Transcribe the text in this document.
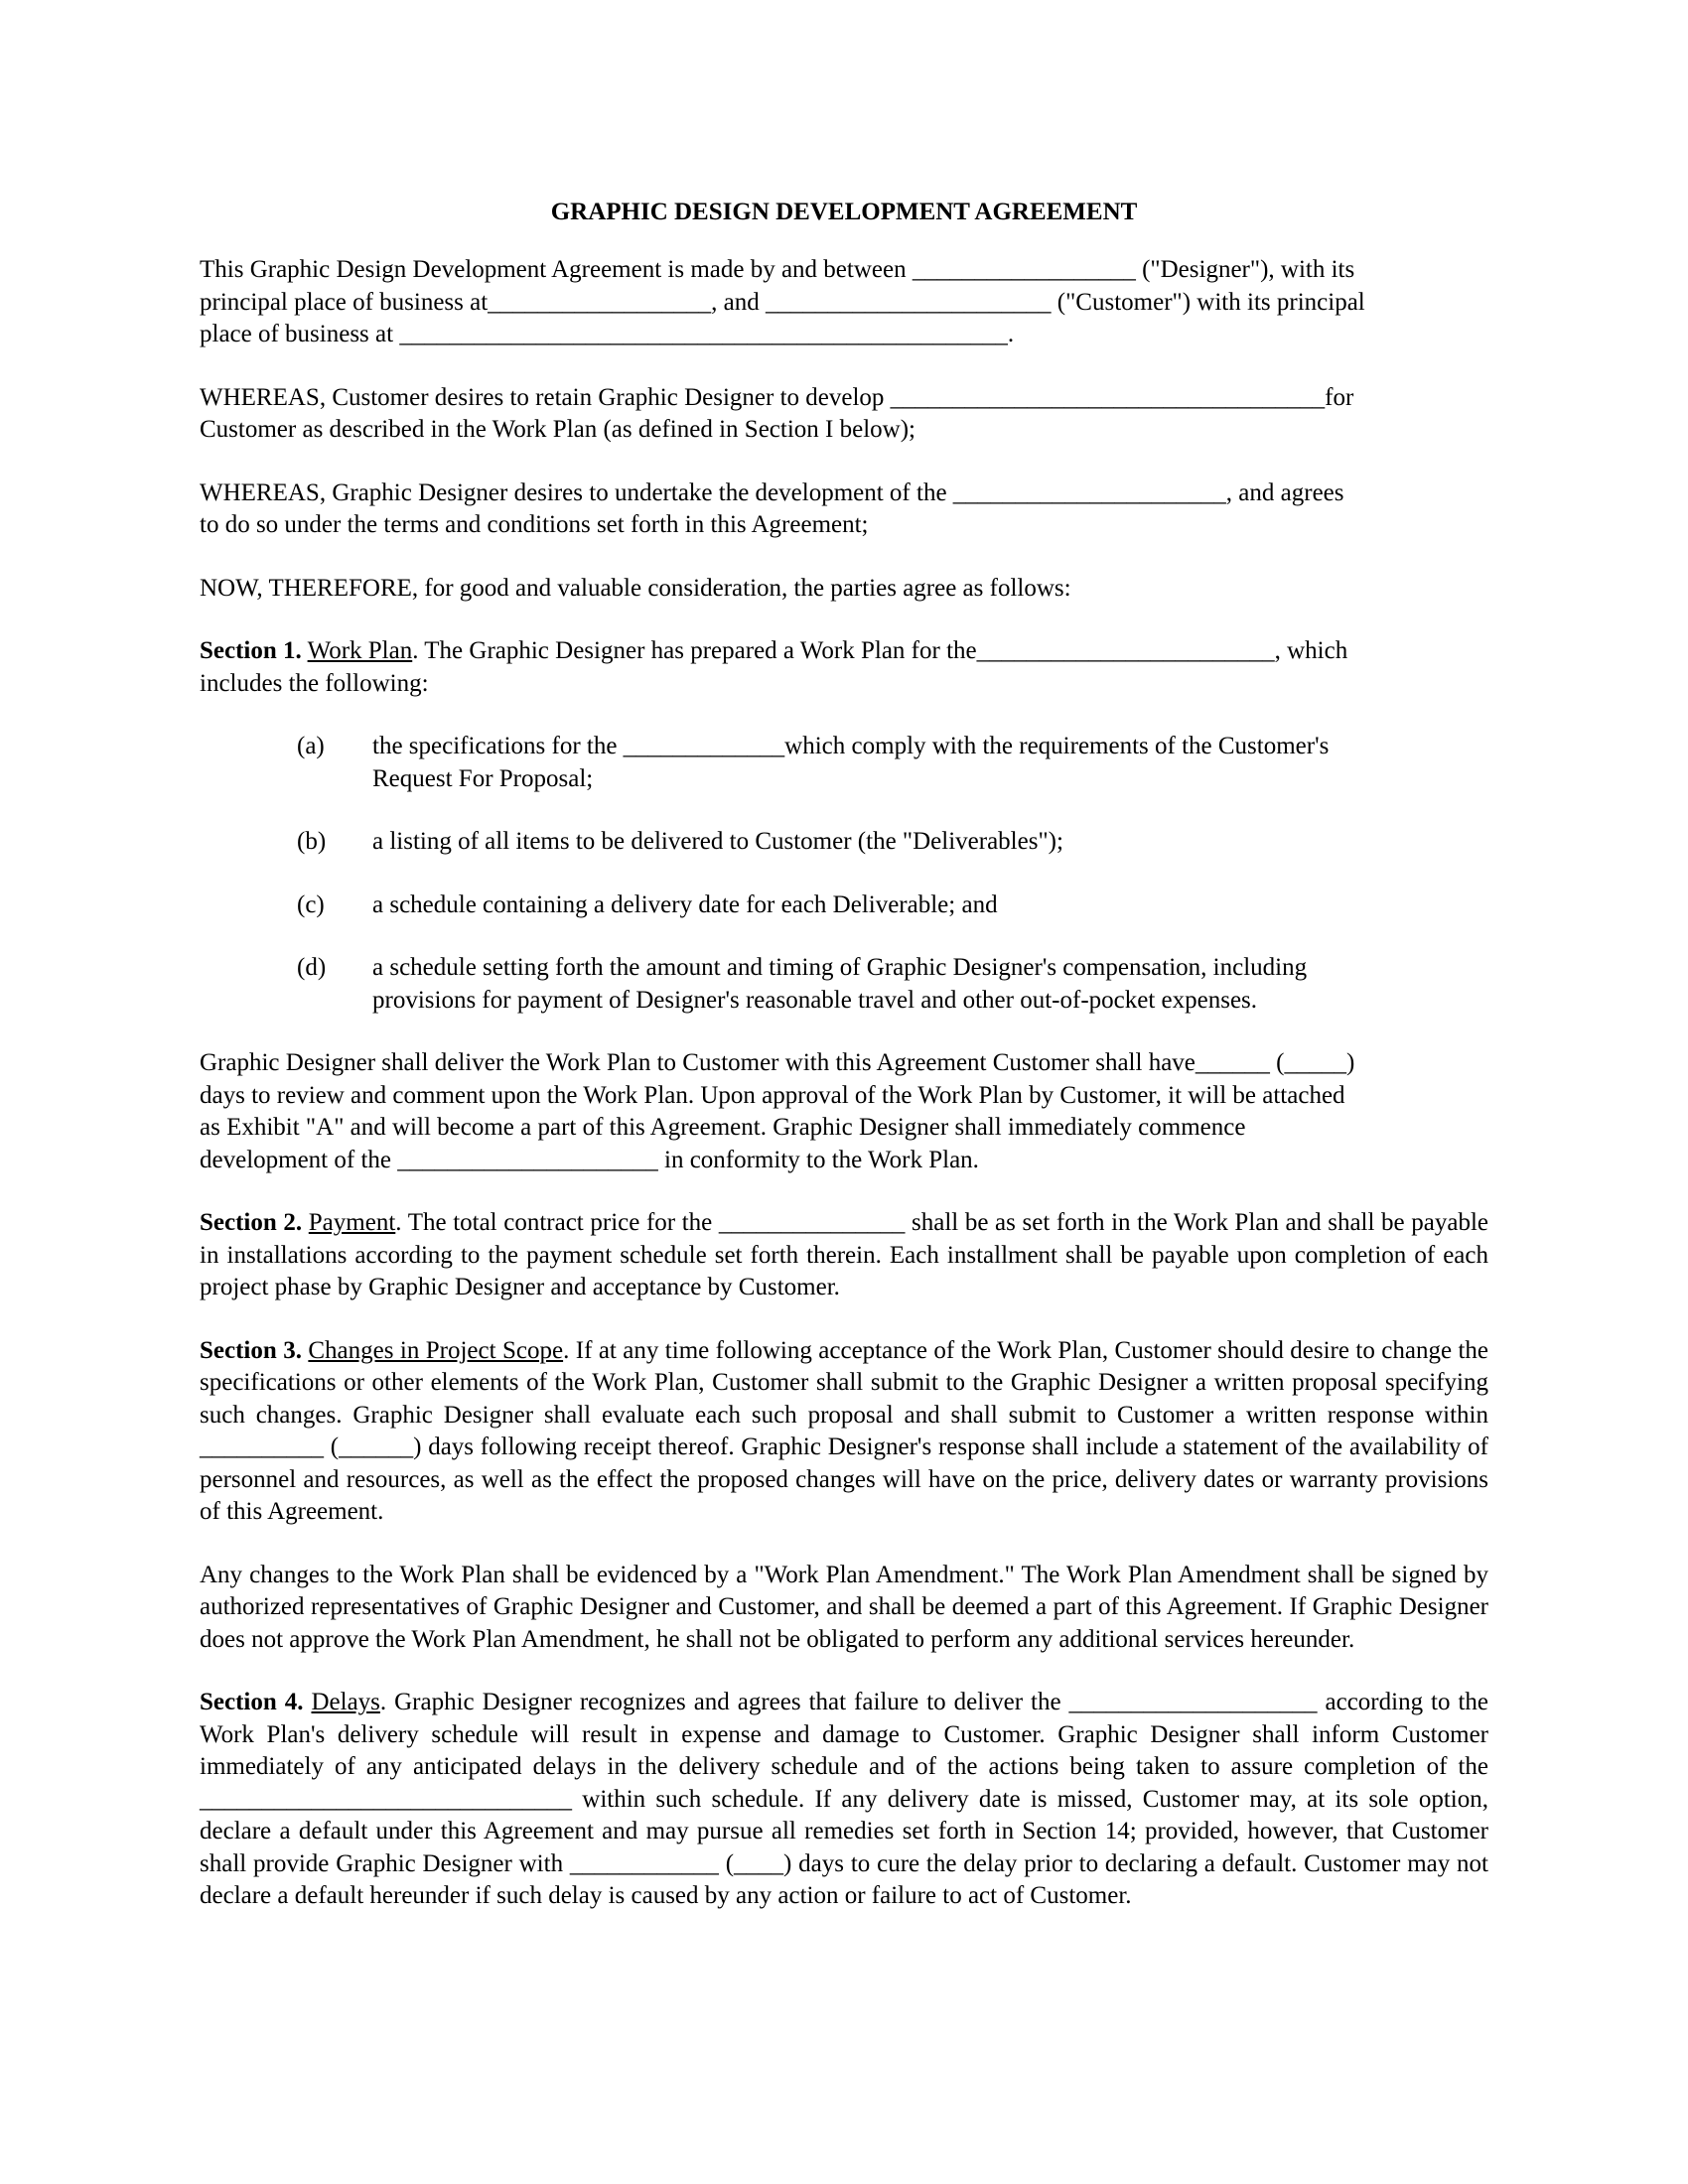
GRAPHIC DESIGN DEVELOPMENT AGREEMENT

This Graphic Design Development Agreement is made by and between __________________ ("Designer"), with its
principal place of business at__________________, and _______________________ ("Customer") with its principal
place of business at _________________________________________________.

WHEREAS, Customer desires to retain Graphic Designer to develop ___________________________________for
Customer as described in the Work Plan (as defined in Section I below);

WHEREAS, Graphic Designer desires to undertake the development of the ______________________, and agrees
to do so under the terms and conditions set forth in this Agreement;

NOW, THEREFORE, for good and valuable consideration, the parties agree as follows:

Section 1. Work Plan. The Graphic Designer has prepared a Work Plan for the________________________, which
includes the following:

(a) the specifications for the _____________which comply with the requirements of the Customer's
Request For Proposal;
(b) a listing of all items to be delivered to Customer (the "Deliverables");
(c) a schedule containing a delivery date for each Deliverable; and
(d) a schedule setting forth the amount and timing of Graphic Designer's compensation, including
provisions for payment of Designer's reasonable travel and other out-of-pocket expenses.

Graphic Designer shall deliver the Work Plan to Customer with this Agreement Customer shall have______ (_____)
days to review and comment upon the Work Plan. Upon approval of the Work Plan by Customer, it will be attached
as Exhibit "A" and will become a part of this Agreement. Graphic Designer shall immediately commence
development of the _____________________ in conformity to the Work Plan.

Section 2. Payment. The total contract price for the _______________ shall be as set forth in the Work Plan and shall be payable in installations according to the payment schedule set forth therein. Each installment shall be payable upon completion of each project phase by Graphic Designer and acceptance by Customer.

Section 3. Changes in Project Scope. If at any time following acceptance of the Work Plan, Customer should desire to change the specifications or other elements of the Work Plan, Customer shall submit to the Graphic Designer a written proposal specifying such changes. Graphic Designer shall evaluate each such proposal and shall submit to Customer a written response within __________ (______) days following receipt thereof. Graphic Designer's response shall include a statement of the availability of personnel and resources, as well as the effect the proposed changes will have on the price, delivery dates or warranty provisions of this Agreement.

Any changes to the Work Plan shall be evidenced by a "Work Plan Amendment." The Work Plan Amendment shall be signed by authorized representatives of Graphic Designer and Customer, and shall be deemed a part of this Agreement. If Graphic Designer does not approve the Work Plan Amendment, he shall not be obligated to perform any additional services hereunder.

Section 4. Delays. Graphic Designer recognizes and agrees that failure to deliver the ____________________ according to the Work Plan's delivery schedule will result in expense and damage to Customer. Graphic Designer shall inform Customer immediately of any anticipated delays in the delivery schedule and of the actions being taken to assure completion of the ______________________________ within such schedule. If any delivery date is missed, Customer may, at its sole option, declare a default under this Agreement and may pursue all remedies set forth in Section 14; provided, however, that Customer shall provide Graphic Designer with ____________ (____) days to cure the delay prior to declaring a default. Customer may not declare a default hereunder if such delay is caused by any action or failure to act of Customer.
